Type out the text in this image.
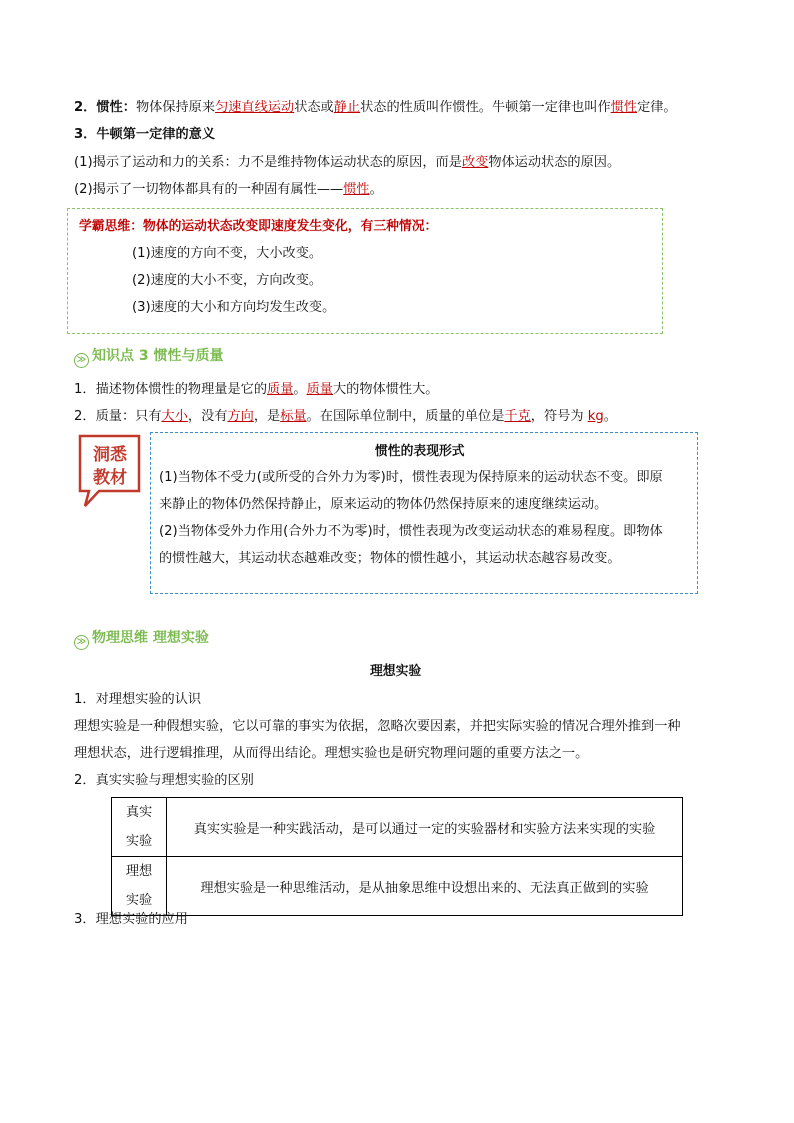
2．惯性：物体保持原来匀速直线运动状态或静止状态的性质叫作惯性。牛顿第一定律也叫作惯性定律。
3．牛顿第一定律的意义
(1)揭示了运动和力的关系：力不是维持物体运动状态的原因，而是改变物体运动状态的原因。
(2)揭示了一切物体都具有的一种固有属性——惯性。
学霸思维：物体的运动状态改变即速度发生变化，有三种情况：
(1)速度的方向不变，大小改变。
(2)速度的大小不变，方向改变。
(3)速度的大小和方向均发生改变。
≫ 知识点 3 惯性与质量
1．描述物体惯性的物理量是它的质量。质量大的物体惯性大。
2．质量：只有大小，没有方向，是标量。在国际单位制中，质量的单位是千克，符号为 kg。
洞悉
教材
惯性的表现形式
(1)当物体不受力(或所受的合外力为零)时，惯性表现为保持原来的运动状态不变。即原
来静止的物体仍然保持静止，原来运动的物体仍然保持原来的速度继续运动。
(2)当物体受外力作用(合外力不为零)时，惯性表现为改变运动状态的难易程度。即物体
的惯性越大，其运动状态越难改变；物体的惯性越小，其运动状态越容易改变。
≫ 物理思维 理想实验
理想实验
1．对理想实验的认识
理想实验是一种假想实验，它以可靠的事实为依据，忽略次要因素，并把实际实验的情况合理外推到一种
理想状态，进行逻辑推理，从而得出结论。理想实验也是研究物理问题的重要方法之一。
2．真实实验与理想实验的区别
真实
实验	真实实验是一种实践活动，是可以通过一定的实验器材和实验方法来实现的实验

理想
实验	理想实验是一种思维活动，是从抽象思维中设想出来的、无法真正做到的实验
3．理想实验的应用
